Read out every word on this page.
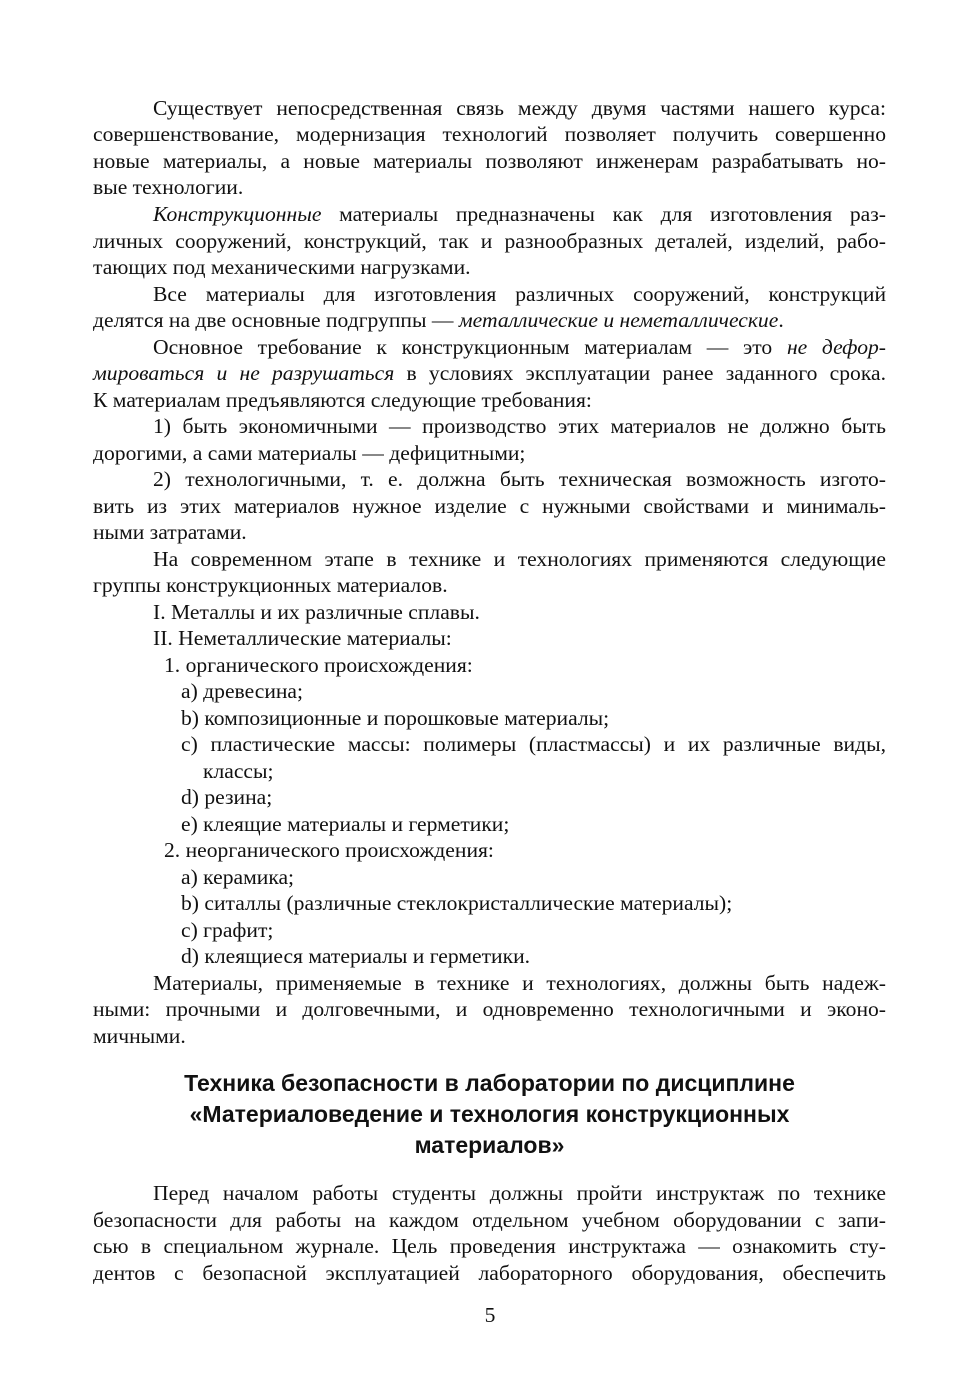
Существует непосредственная связь между двумя частями нашего курса:

совершенствование, модернизация технологий позволяет получить совершенно

новые материалы, а новые материалы позволяют инженерам разрабатывать но-

вые технологии.

Конструкционные материалы предназначены как для изготовления раз-

личных сооружений, конструкций, так и разнообразных деталей, изделий, рабо-

тающих под механическими нагрузками.

Все материалы для изготовления различных сооружений, конструкций

делятся на две основные подгруппы — металлические и неметаллические.

Основное требование к конструкционным материалам — это не дефор-

мироваться и не разрушаться в условиях эксплуатации ранее заданного срока.

К материалам предъявляются следующие требования:

1) быть экономичными — производство этих материалов не должно быть

дорогими, а сами материалы — дефицитными;

2) технологичными, т. е. должна быть техническая возможность изгото-

вить из этих материалов нужное изделие с нужными свойствами и минималь-

ными затратами.

На современном этапе в технике и технологиях применяются следующие

группы конструкционных материалов.

I. Металлы и их различные сплавы.

II. Неметаллические материалы:

1. органического происхождения:

a) древесина;

b) композиционные и порошковые материалы;

c) пластические массы: полимеры (пластмассы) и их различные виды,

классы;

d) резина;

e) клеящие материалы и герметики;

2. неорганического происхождения:

a) керамика;

b) ситаллы (различные стеклокристаллические материалы);

c) графит;

d) клеящиеся материалы и герметики.

Материалы, применяемые в технике и технологиях, должны быть надеж-

ными: прочными и долговечными, и одновременно технологичными и эконо-

мичными.

Техника безопасности в лаборатории по дисциплине

«Материаловедение и технология конструкционных

материалов»

Перед началом работы студенты должны пройти инструктаж по технике

безопасности для работы на каждом отдельном учебном оборудовании с запи-

сью в специальном журнале. Цель проведения инструктажа — ознакомить сту-

дентов с безопасной эксплуатацией лабораторного оборудования, обеспечить

5
